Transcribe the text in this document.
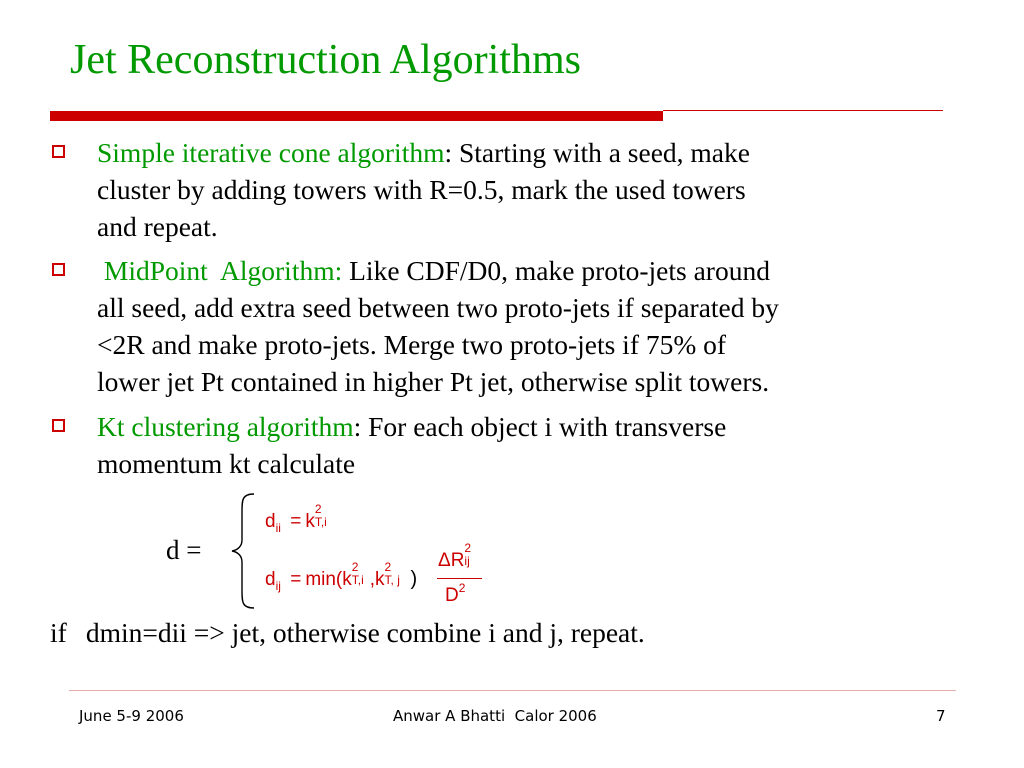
Jet Reconstruction Algorithms
Simple iterative cone algorithm: Starting with a seed, make
cluster by adding towers with R=0.5, mark the used towers
and repeat.
MidPoint  Algorithm: Like CDF/D0, make proto-jets around
all seed, add extra seed between two proto-jets if separated by
<2R and make proto-jets. Merge two proto-jets if 75% of
lower jet Pt contained in higher Pt jet, otherwise split towers.
Kt clustering algorithm: For each object i with transverse
momentum kt calculate
d =
$d_{ii} = k$
2
T,i
$d_{ij} = \min(k$
2
T,i ,k
2
T, j )
ΔR
2
ij
$D^2$
if dmin=dii => jet, otherwise combine i and j, repeat.
June 5-9 2006	Anwar A Bhatti  Calor 2006	7
